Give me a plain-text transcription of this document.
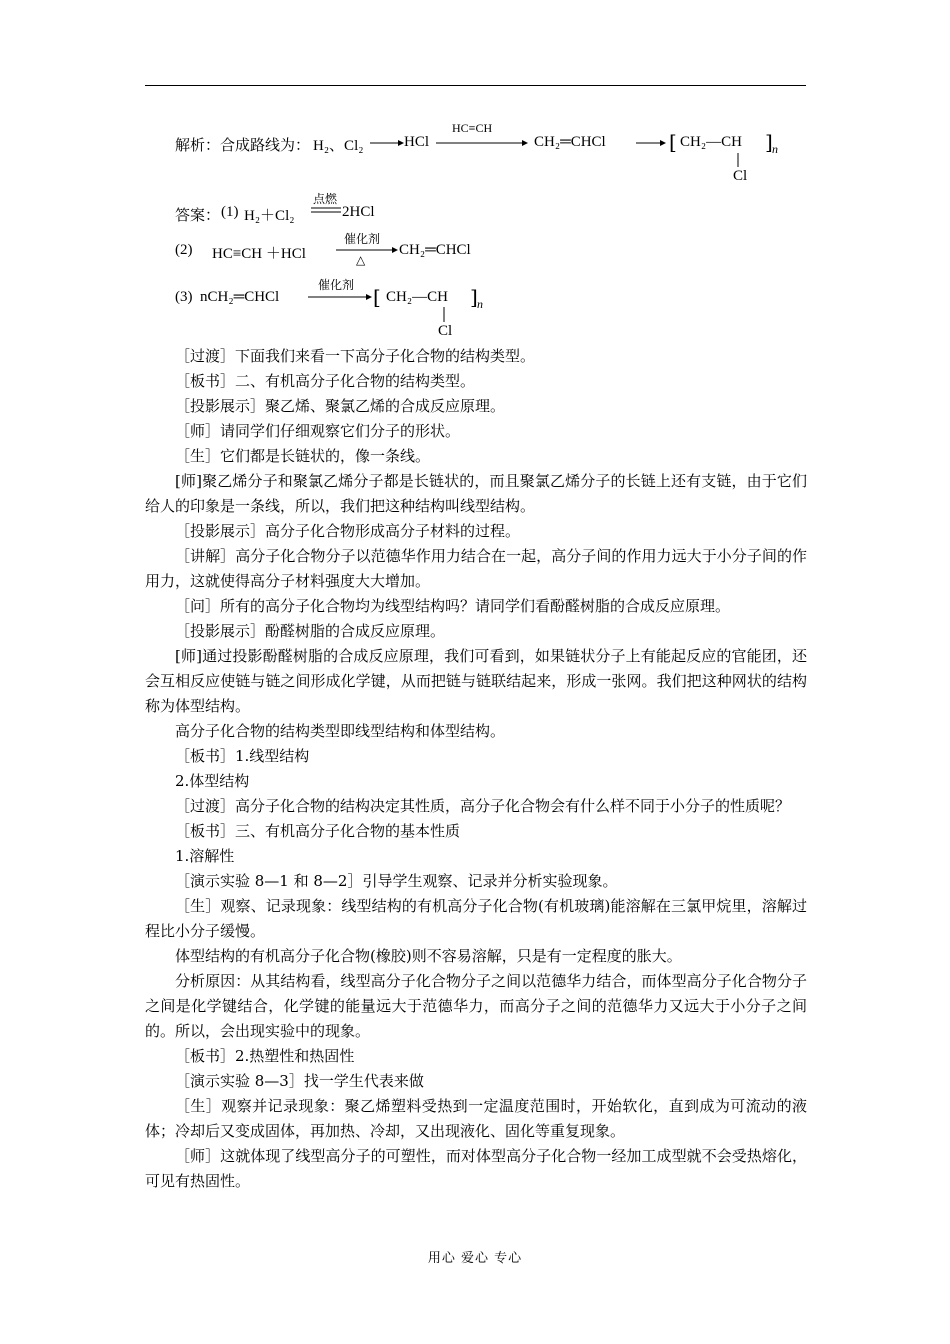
解析：合成路线为： H₂、Cl₂	HCl
HC≡CH
CH₂═CHCl	[ CH₂—CH ] n
Cl
答案： (1) H₂＋Cl₂
点燃
2HCl
(2) HC≡CH ＋HCl
催化剂
△
CH₂═CHCl
(3) nCH₂═CHCl
催化剂 [ CH₂—CH ] n
Cl

［过渡］下面我们来看一下高分子化合物的结构类型。

［板书］二、有机高分子化合物的结构类型。

［投影展示］聚乙烯、聚氯乙烯的合成反应原理。

［师］请同学们仔细观察它们分子的形状。

［生］它们都是长链状的，像一条线。

[师]聚乙烯分子和聚氯乙烯分子都是长链状的，而且聚氯乙烯分子的长链上还有支链，由于它们给人的印象是一条线，所以，我们把这种结构叫线型结构。

［投影展示］高分子化合物形成高分子材料的过程。

［讲解］高分子化合物分子以范德华作用力结合在一起，高分子间的作用力远大于小分子间的作用力，这就使得高分子材料强度大大增加。

［问］所有的高分子化合物均为线型结构吗？请同学们看酚醛树脂的合成反应原理。

［投影展示］酚醛树脂的合成反应原理。

[师]通过投影酚醛树脂的合成反应原理，我们可看到，如果链状分子上有能起反应的官能团，还会互相反应使链与链之间形成化学键，从而把链与链联结起来，形成一张网。我们把这种网状的结构称为体型结构。

高分子化合物的结构类型即线型结构和体型结构。

［板书］1.线型结构

2.体型结构

［过渡］高分子化合物的结构决定其性质，高分子化合物会有什么样不同于小分子的性质呢？

［板书］三、有机高分子化合物的基本性质

1.溶解性

［演示实验 8—1 和 8—2］引导学生观察、记录并分析实验现象。

［生］观察、记录现象：线型结构的有机高分子化合物(有机玻璃)能溶解在三氯甲烷里，溶解过程比小分子缓慢。

体型结构的有机高分子化合物(橡胶)则不容易溶解，只是有一定程度的胀大。

分析原因：从其结构看，线型高分子化合物分子之间以范德华力结合，而体型高分子化合物分子之间是化学键结合，化学键的能量远大于范德华力，而高分子之间的范德华力又远大于小分子之间的。所以，会出现实验中的现象。

［板书］2.热塑性和热固性

［演示实验 8—3］找一学生代表来做

［生］观察并记录现象：聚乙烯塑料受热到一定温度范围时，开始软化，直到成为可流动的液体；冷却后又变成固体，再加热、冷却，又出现液化、固化等重复现象。

［师］这就体现了线型高分子的可塑性，而对体型高分子化合物一经加工成型就不会受热熔化，可见有热固性。

用心 爱心 专心
